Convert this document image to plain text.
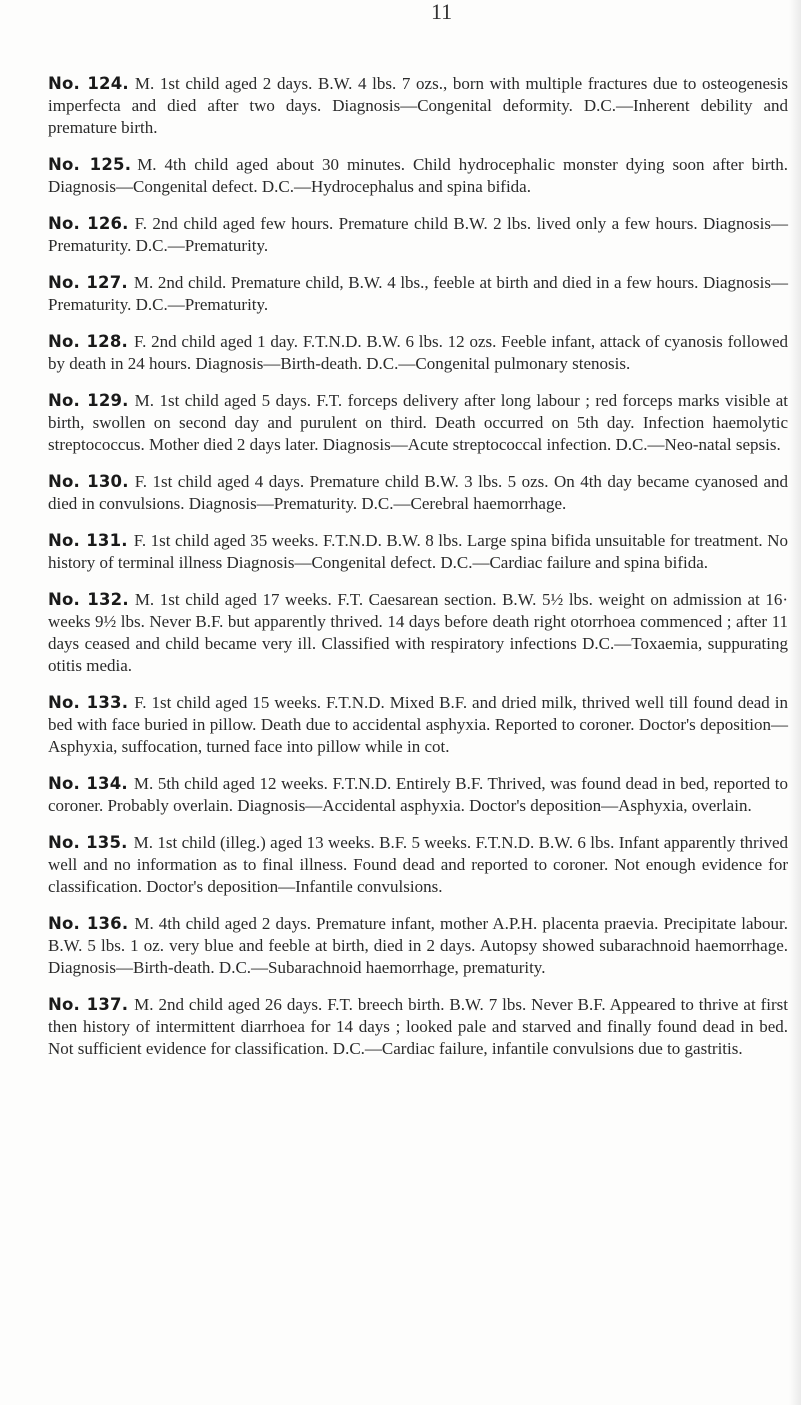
11

No. 124. M. 1st child aged 2 days. B.W. 4 lbs. 7 ozs., born with multiple fractures due to osteogenesis imperfecta and died after two days. Diagnosis—Congenital deformity. D.C.—Inherent debility and premature birth.

No. 125. M. 4th child aged about 30 minutes. Child hydrocephalic monster dying soon after birth. Diagnosis—Congenital defect. D.C.—Hydrocephalus and spina bifida.

No. 126. F. 2nd child aged few hours. Premature child B.W. 2 lbs. lived only a few hours. Diagnosis—Prematurity. D.C.—Prematurity.

No. 127. M. 2nd child. Premature child, B.W. 4 lbs., feeble at birth and died in a few hours. Diagnosis—Prematurity. D.C.—Prematurity.

No. 128. F. 2nd child aged 1 day. F.T.N.D. B.W. 6 lbs. 12 ozs. Feeble infant, attack of cyanosis followed by death in 24 hours. Diagnosis—Birth-death. D.C.—Congenital pulmonary stenosis.

No. 129. M. 1st child aged 5 days. F.T. forceps delivery after long labour ; red forceps marks visible at birth, swollen on second day and purulent on third. Death occurred on 5th day. Infection haemolytic streptococcus. Mother died 2 days later. Diagnosis—Acute streptococcal infection. D.C.—Neo-natal sepsis.

No. 130. F. 1st child aged 4 days. Premature child B.W. 3 lbs. 5 ozs. On 4th day became cyanosed and died in convulsions. Diagnosis—Prematurity. D.C.—Cerebral haemorrhage.

No. 131. F. 1st child aged 35 weeks. F.T.N.D. B.W. 8 lbs. Large spina bifida unsuitable for treatment. No history of terminal illness Diagnosis—Congenital defect. D.C.—Cardiac failure and spina bifida.

No. 132. M. 1st child aged 17 weeks. F.T. Caesarean section. B.W. 5½ lbs. weight on admission at 16· weeks 9½ lbs. Never B.F. but apparently thrived. 14 days before death right otorrhoea commenced ; after 11 days ceased and child became very ill. Classified with respiratory infections D.C.—Toxaemia, suppurating otitis media.

No. 133. F. 1st child aged 15 weeks. F.T.N.D. Mixed B.F. and dried milk, thrived well till found dead in bed with face buried in pillow. Death due to accidental asphyxia. Reported to coroner. Doctor's deposition—Asphyxia, suffocation, turned face into pillow while in cot.

No. 134. M. 5th child aged 12 weeks. F.T.N.D. Entirely B.F. Thrived, was found dead in bed, reported to coroner. Probably overlain. Diagnosis—Accidental asphyxia. Doctor's deposition—Asphyxia, overlain.

No. 135. M. 1st child (illeg.) aged 13 weeks. B.F. 5 weeks. F.T.N.D. B.W. 6 lbs. Infant apparently thrived well and no information as to final illness. Found dead and reported to coroner. Not enough evidence for classification. Doctor's deposition—Infantile convulsions.

No. 136. M. 4th child aged 2 days. Premature infant, mother A.P.H. placenta praevia. Precipitate labour. B.W. 5 lbs. 1 oz. very blue and feeble at birth, died in 2 days. Autopsy showed subarachnoid haemorrhage. Diagnosis—Birth-death. D.C.—Subarachnoid haemorrhage, prematurity.

No. 137. M. 2nd child aged 26 days. F.T. breech birth. B.W. 7 lbs. Never B.F. Appeared to thrive at first then history of intermittent diarrhoea for 14 days ; looked pale and starved and finally found dead in bed. Not sufficient evidence for classification. D.C.—Cardiac failure, infantile convulsions due to gastritis.
